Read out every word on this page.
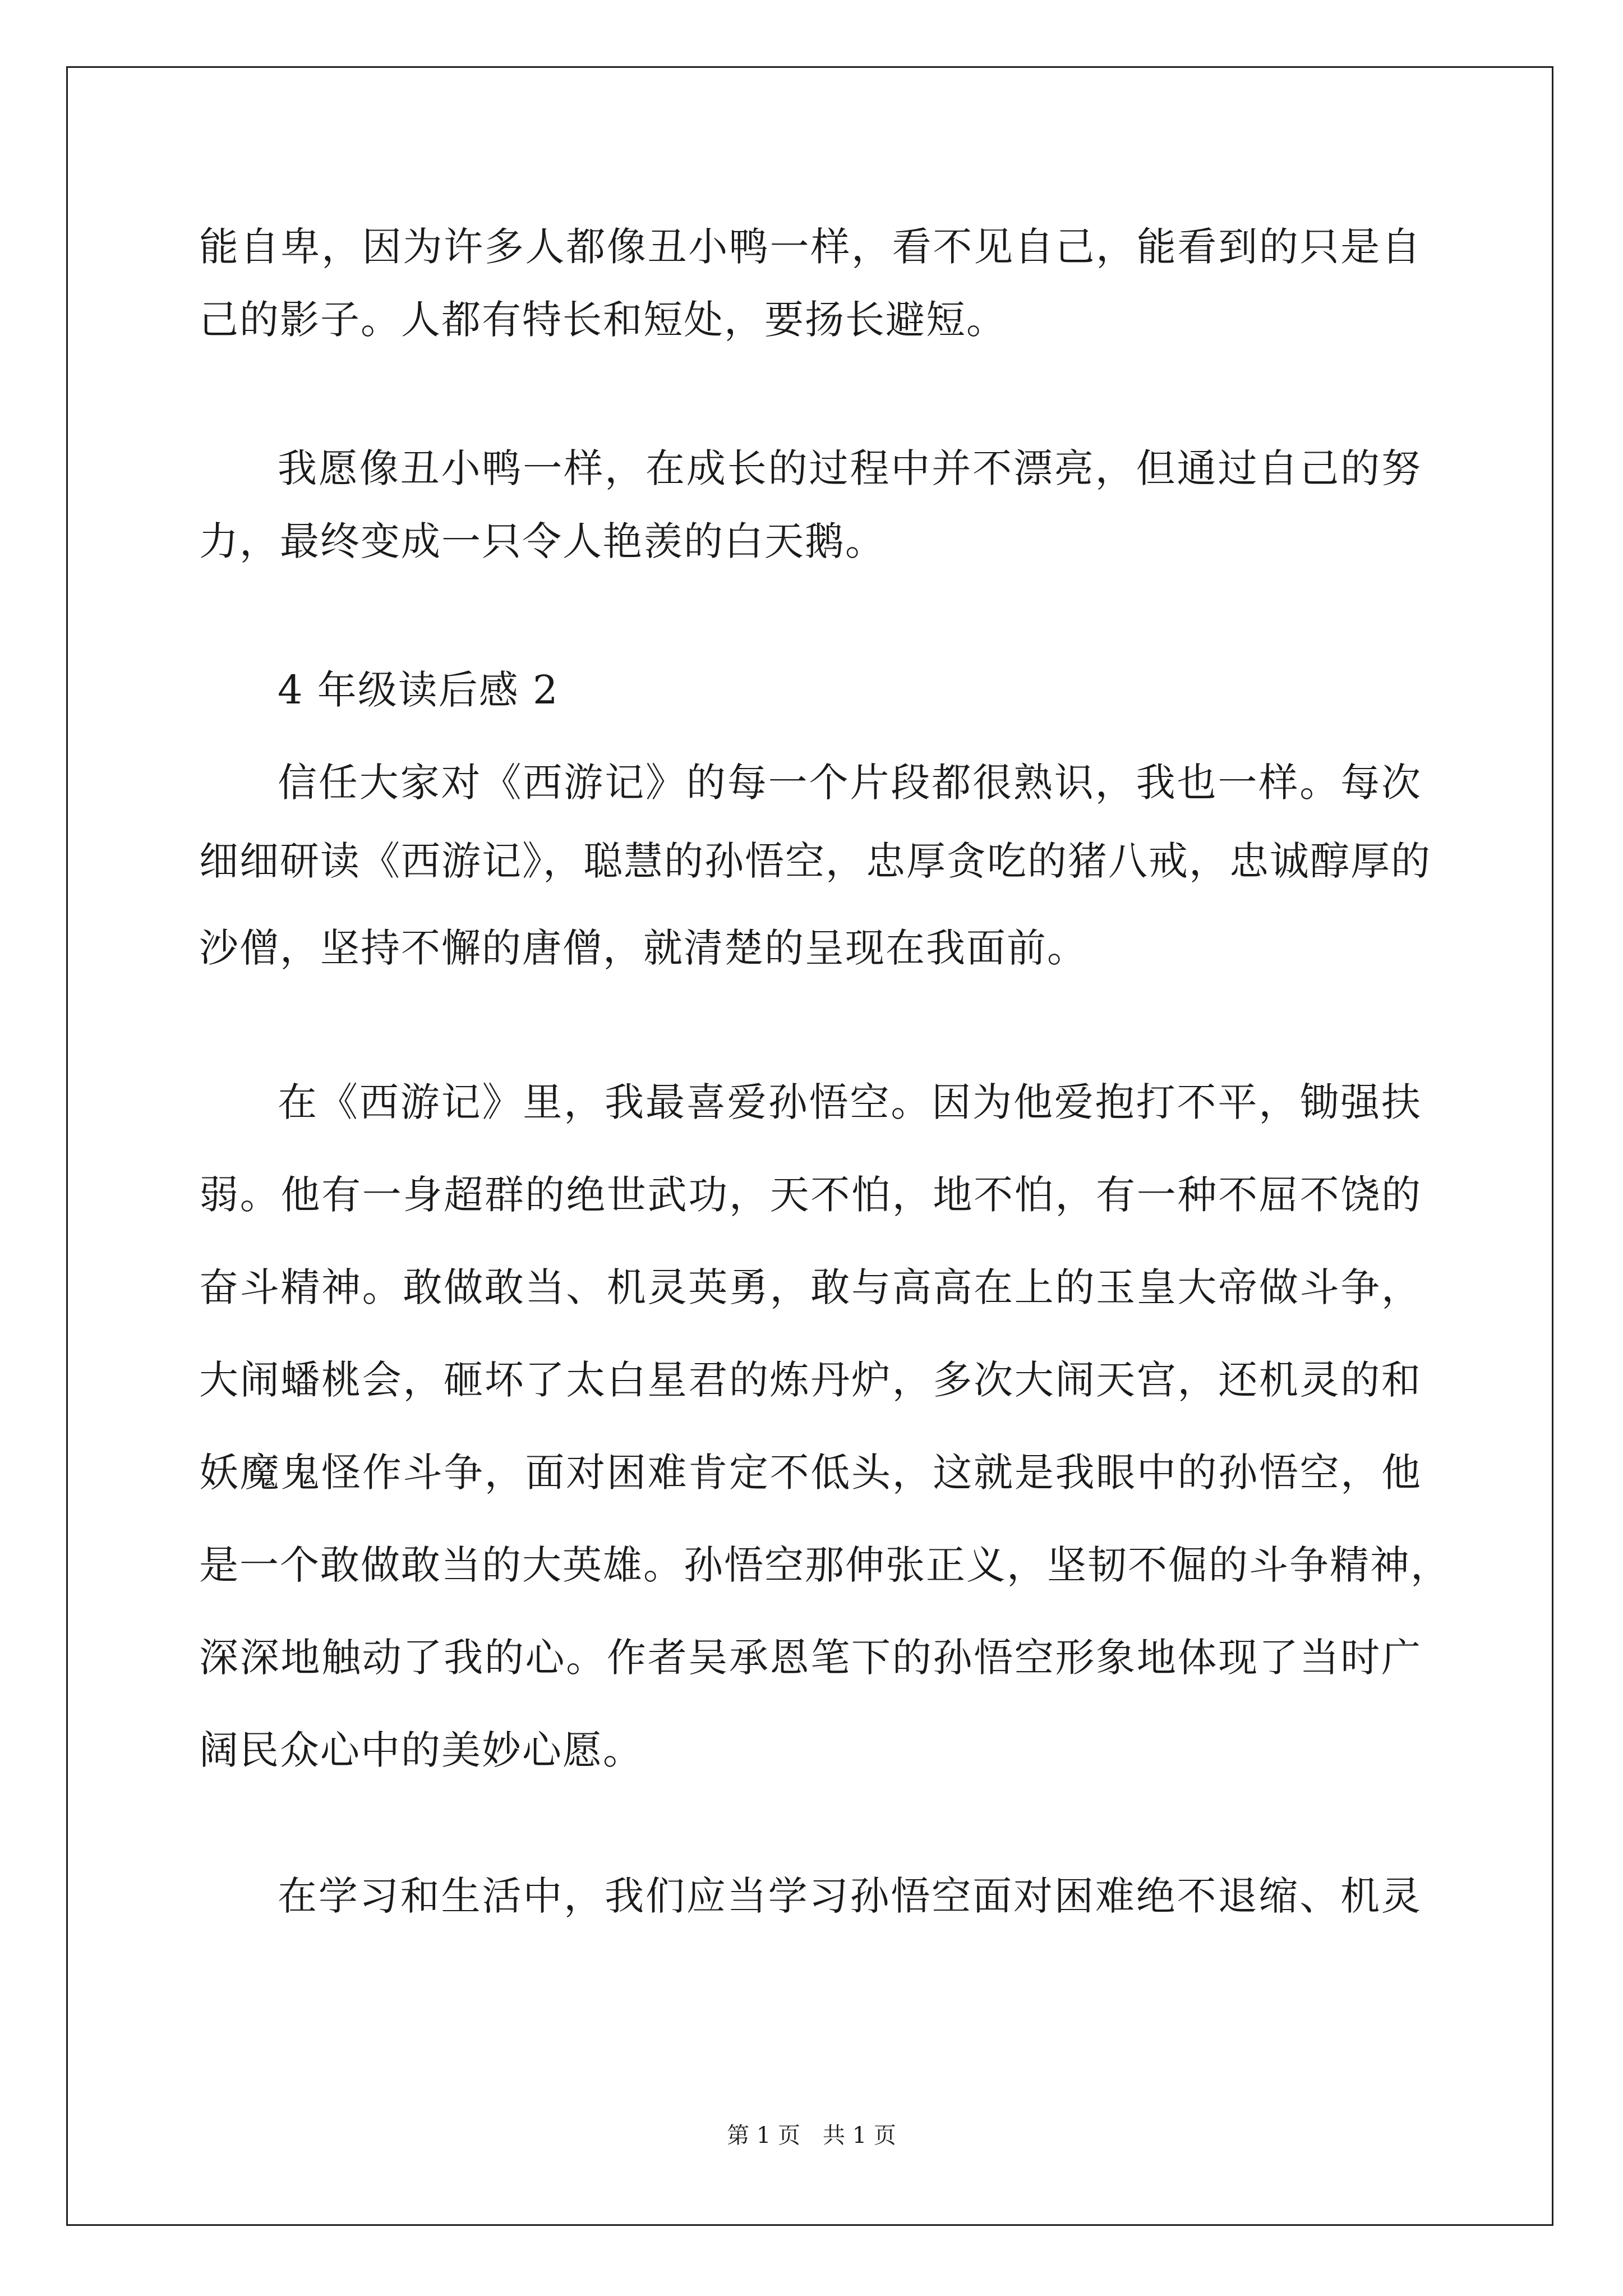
能自卑，因为许多人都像丑小鸭一样，看不见自己，能看到的只是自

己的影子。人都有特长和短处，要扬长避短。

我愿像丑小鸭一样，在成长的过程中并不漂亮，但通过自己的努

力，最终变成一只令人艳羡的白天鹅。

4 年级读后感 2

信任大家对《西游记》的每一个片段都很熟识，我也一样。每次

细细研读《西游记》，聪慧的孙悟空，忠厚贪吃的猪八戒，忠诚醇厚的

沙僧，坚持不懈的唐僧，就清楚的呈现在我面前。

在《西游记》里，我最喜爱孙悟空。因为他爱抱打不平，锄强扶

弱。他有一身超群的绝世武功，天不怕，地不怕，有一种不屈不饶的

奋斗精神。敢做敢当、机灵英勇，敢与高高在上的玉皇大帝做斗争，

大闹蟠桃会，砸坏了太白星君的炼丹炉，多次大闹天宫，还机灵的和

妖魔鬼怪作斗争，面对困难肯定不低头，这就是我眼中的孙悟空，他

是一个敢做敢当的大英雄。孙悟空那伸张正义，坚韧不倔的斗争精神，

深深地触动了我的心。作者吴承恩笔下的孙悟空形象地体现了当时广

阔民众心中的美妙心愿。

在学习和生活中，我们应当学习孙悟空面对困难绝不退缩、机灵

第 1 页 共 1 页
